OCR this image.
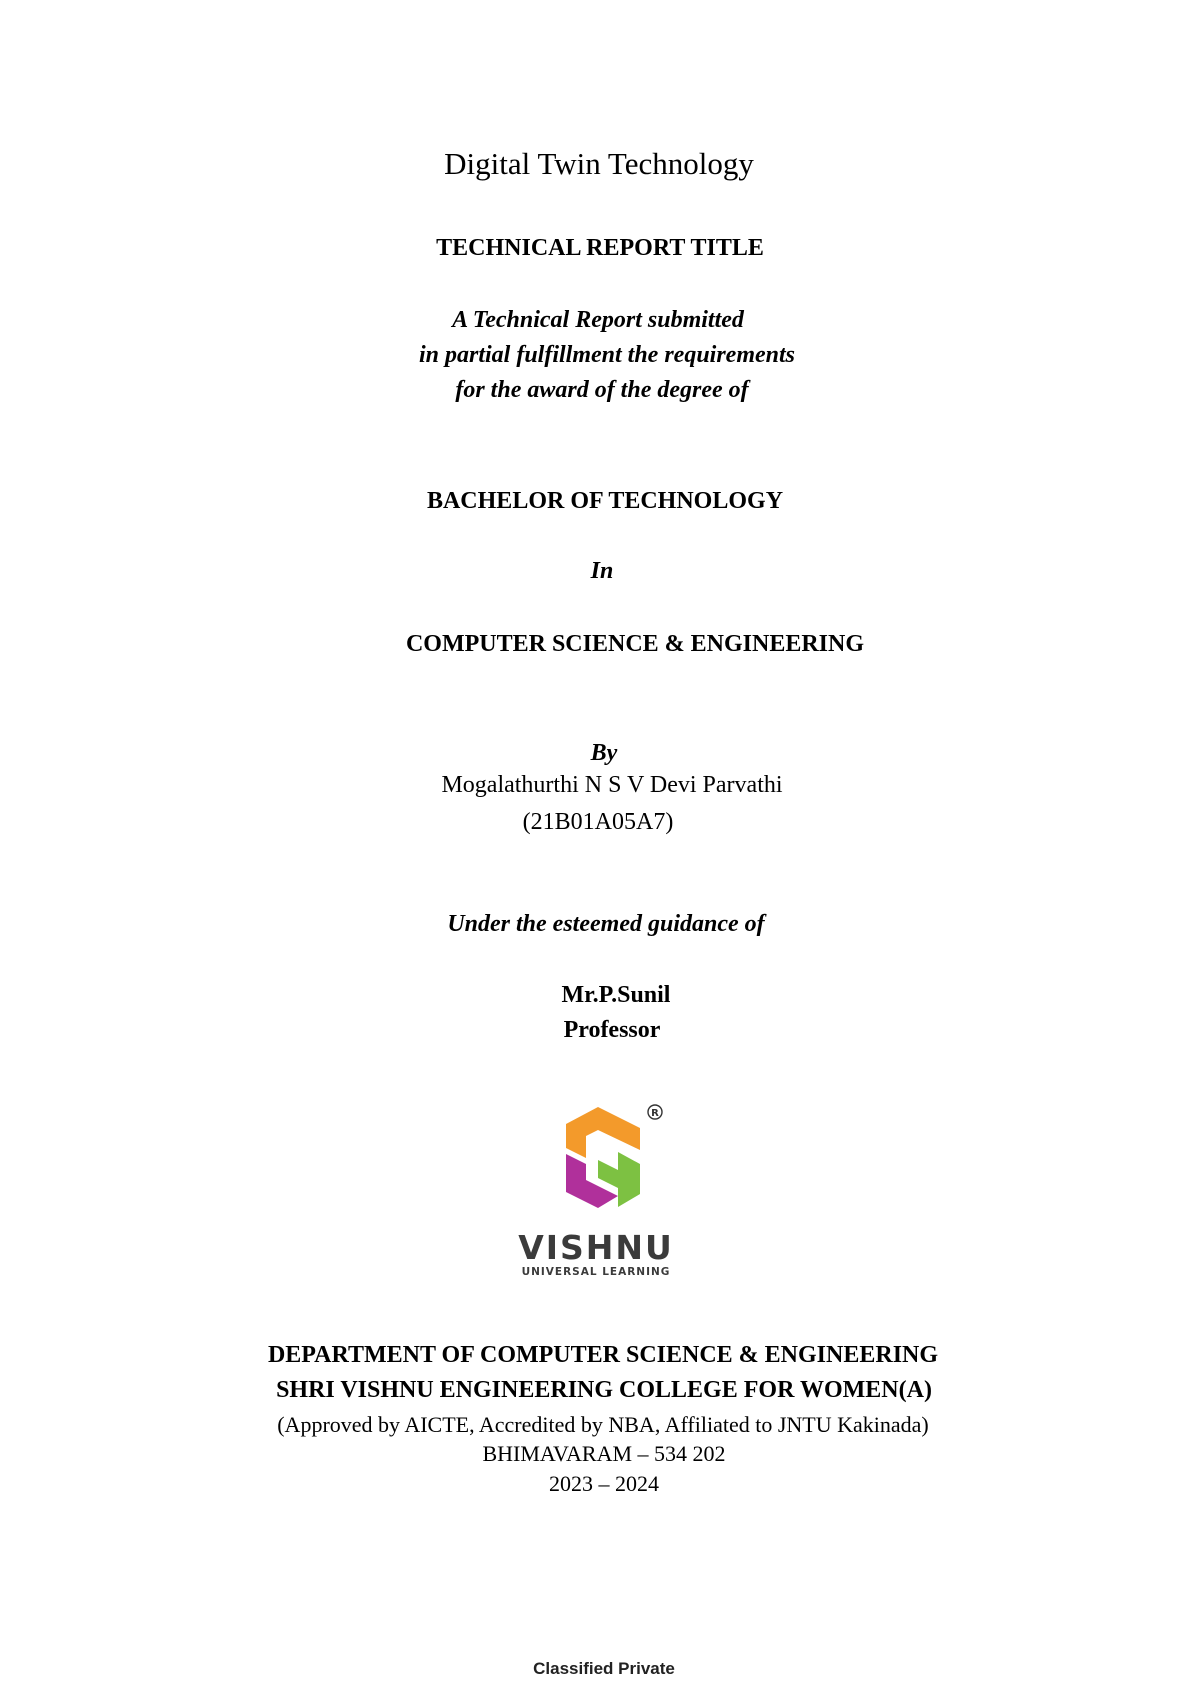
Digital Twin Technology
TECHNICAL REPORT TITLE
A Technical Report submitted
in partial fulfillment the requirements
for the award of the degree of
BACHELOR OF TECHNOLOGY
In
COMPUTER SCIENCE & ENGINEERING
By
Mogalathurthi N S V Devi Parvathi
(21B01A05A7)
Under the esteemed guidance of
Mr.P.Sunil
Professor
R
VISHNU
UNIVERSAL LEARNING
DEPARTMENT OF COMPUTER SCIENCE & ENGINEERING
SHRI VISHNU ENGINEERING COLLEGE FOR WOMEN(A)
(Approved by AICTE, Accredited by NBA, Affiliated to JNTU Kakinada)
BHIMAVARAM – 534 202
2023 – 2024
Classified Private
